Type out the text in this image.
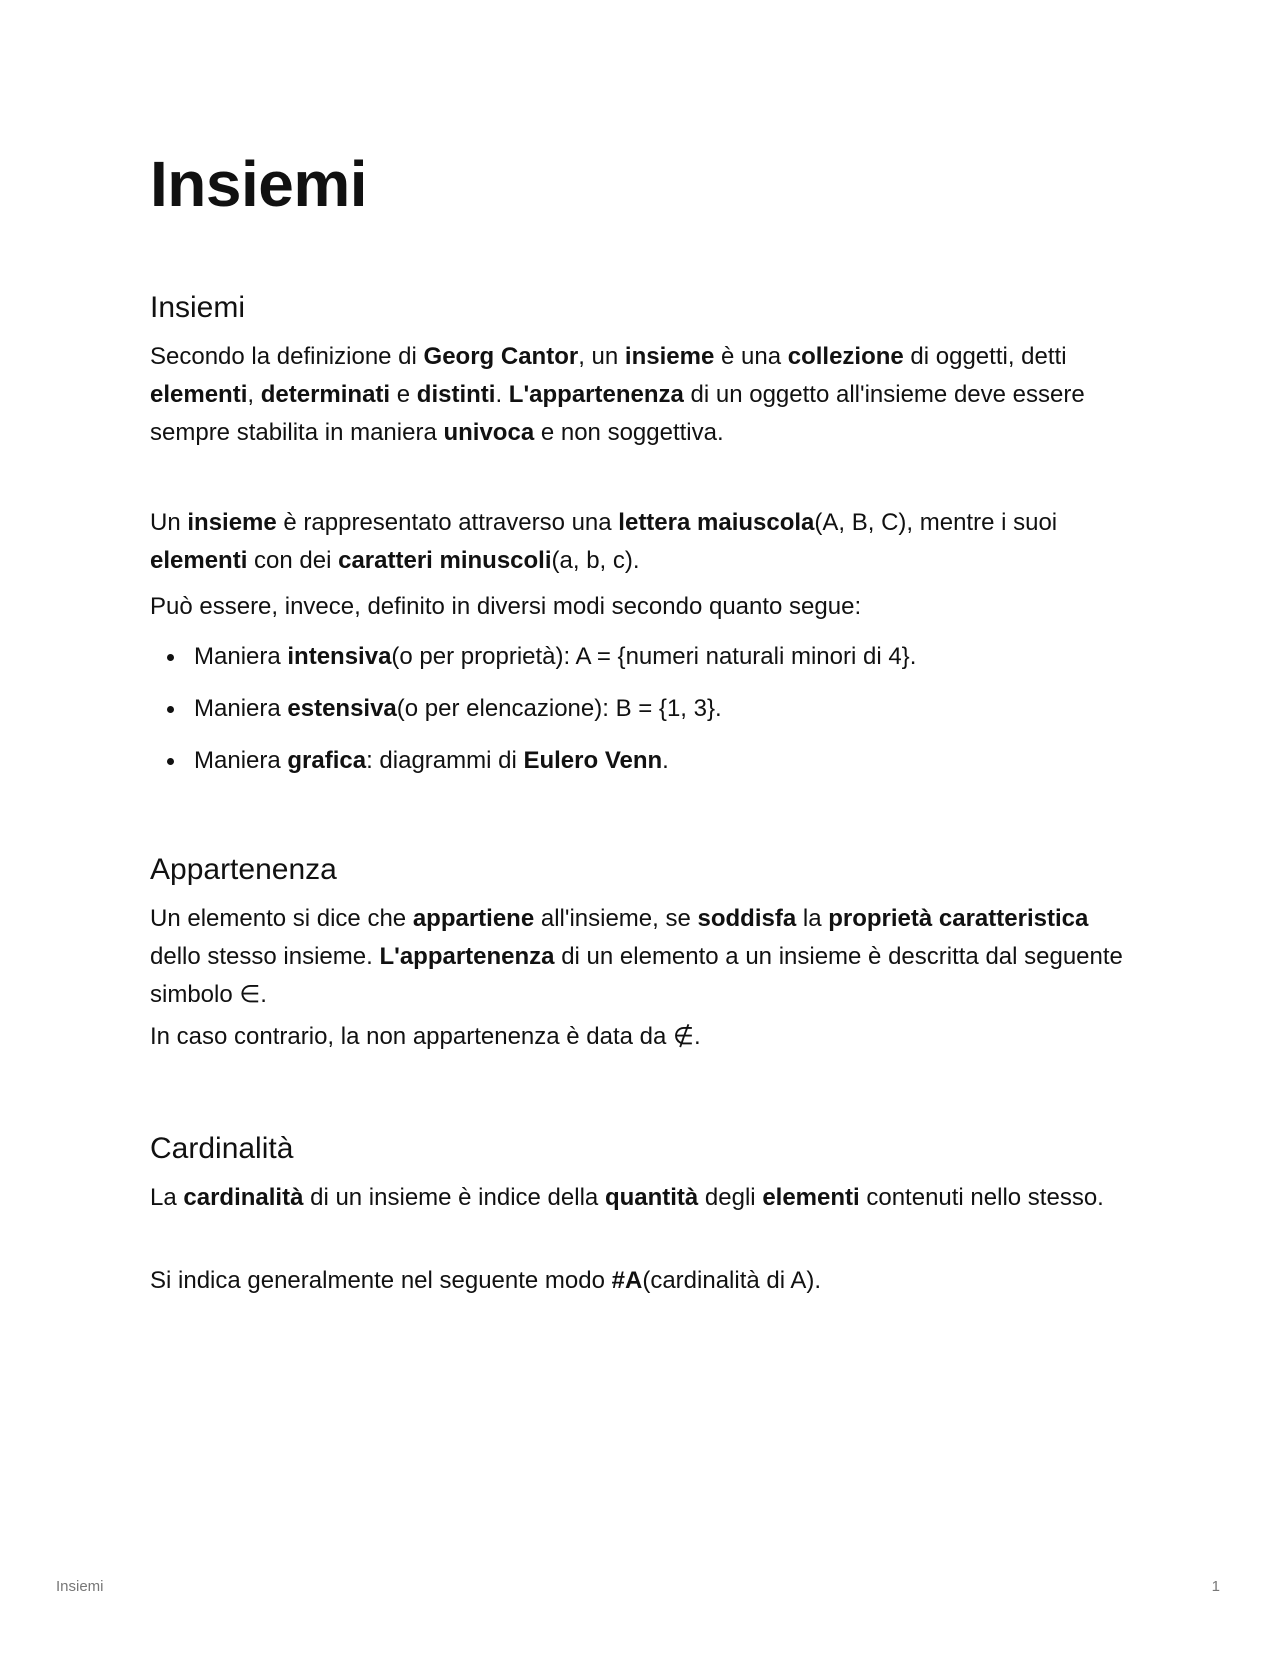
Insiemi
Insiemi

Secondo la definizione di Georg Cantor, un insieme è una collezione di oggetti, detti elementi, determinati e distinti. L'appartenenza di un oggetto all'insieme deve essere sempre stabilita in maniera univoca e non soggettiva.

Un insieme è rappresentato attraverso una lettera maiuscola(A, B, C), mentre i suoi elementi con dei caratteri minuscoli(a, b, c).

Può essere, invece, definito in diversi modi secondo quanto segue:

Maniera intensiva(o per proprietà): A = {numeri naturali minori di 4}.
Maniera estensiva(o per elencazione): B = {1, 3}.
Maniera grafica: diagrammi di Eulero Venn.
Appartenenza

Un elemento si dice che appartiene all'insieme, se soddisfa la proprietà caratteristica dello stesso insieme. L'appartenenza di un elemento a un insieme è descritta dal seguente simbolo ∈.

In caso contrario, la non appartenenza è data da ∉.

Cardinalità

La cardinalità di un insieme è indice della quantità degli elementi contenuti nello stesso.

Si indica generalmente nel seguente modo #A(cardinalità di A).

Insiemi	1
